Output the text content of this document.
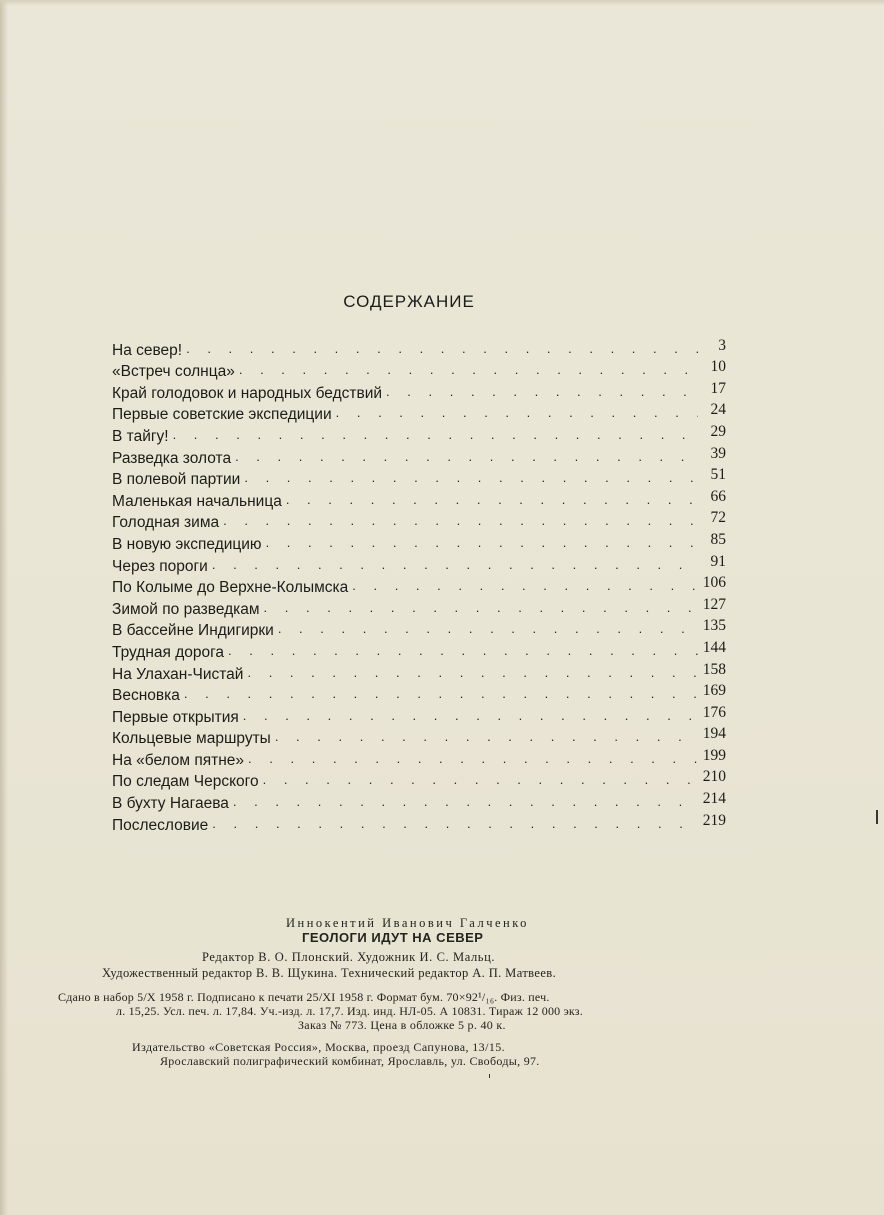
СОДЕРЖАНИЕ
На север! . . .	3
«Встреч солнца» . . .	10
Край голодовок и народных бедствий . . .	17
Первые советские экспедиции . . .	24
В тайгу! . . .	29
Разведка золота . . .	39
В полевой партии . . .	51
Маленькая начальница . . .	66
Голодная зима . . .	72
В новую экспедицию . . .	85
Через пороги . . .	91
По Колыме до Верхне-Колымска . . .	106
Зимой по разведкам . . .	127
В бассейне Индигирки . . .	135
Трудная дорога . . .	144
На Улахан-Чистай . . .	158
Весновка . . .	169
Первые открытия . . .	176
Кольцевые маршруты . . .	194
На «белом пятне» . . .	199
По следам Черского . . .	210
В бухту Нагаева . . .	214
Послесловие . . .	219
Иннокентий Иванович Галченко
ГЕОЛОГИ ИДУТ НА СЕВЕР
Редактор В. О. Плонский. Художник И. С. Мальц.
Художественный редактор В. В. Щукина. Технический редактор А. П. Матвеев.
Сдано в набор 5/X 1958 г. Подписано к печати 25/XI 1958 г. Формат бум. 70×92¹/₁₆. Физ. печ.
л. 15,25. Усл. печ. л. 17,84. Уч.-изд. л. 17,7. Изд. инд. НЛ-05. А 10831. Тираж 12 000 экз.
Заказ № 773. Цена в обложке 5 р. 40 к.
Издательство «Советская Россия», Москва, проезд Сапунова, 13/15.
Ярославский полиграфический комбинат, Ярославль, ул. Свободы, 97.
